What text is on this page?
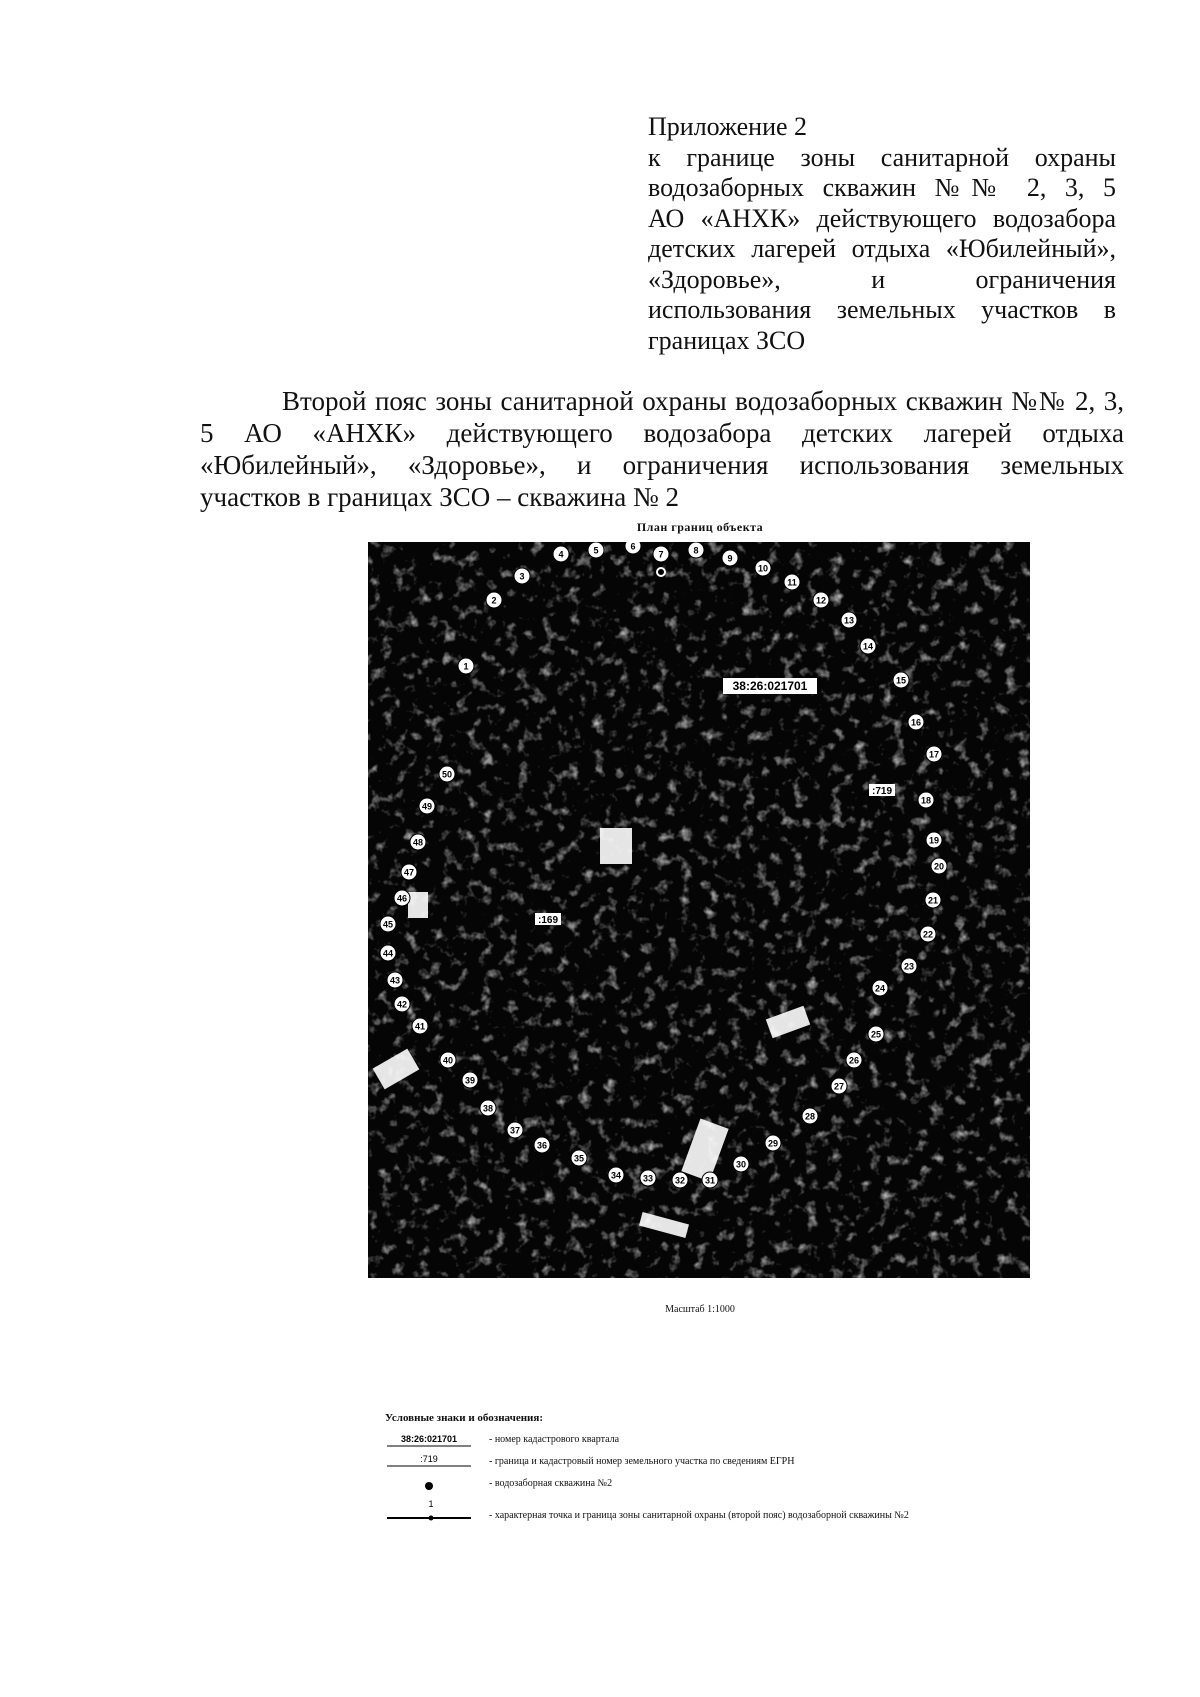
Приложение 2
к границе зоны санитарной охраны
водозаборных скважин №№ 2, 3, 5
АО «АНХК» действующего водозабора
детских лагерей отдыха «Юбилейный»,
«Здоровье», и ограничения
использования земельных участков в
границах ЗСО
Второй пояс зоны санитарной охраны водозаборных скважин №№ 2, 3,
5 АО «АНХК» действующего водозабора детских лагерей отдыха
«Юбилейный», «Здоровье», и ограничения использования земельных
участков в границах ЗСО – скважина № 2
План границ объекта
1
2
3
4	5	6
7	8
9
10
11
12
13
14
15
16
17
18
19
20
21
22
23
24
25
26
27
28
29
30
31
32
33
34
35
36
37
38
39
40
41
42
43
44
45
46
47
48
49
50
38:26:021701
:719
:169
Масштаб 1:1000
Условные знаки и обозначения:
38:26:021701	- номер кадастрового квартала
:719	- граница и кадастровый номер земельного участка по сведениям ЕГРН
- водозаборная скважина №2
1
- характерная точка и граница зоны санитарной охраны (второй пояс) водозаборной скважины №2
